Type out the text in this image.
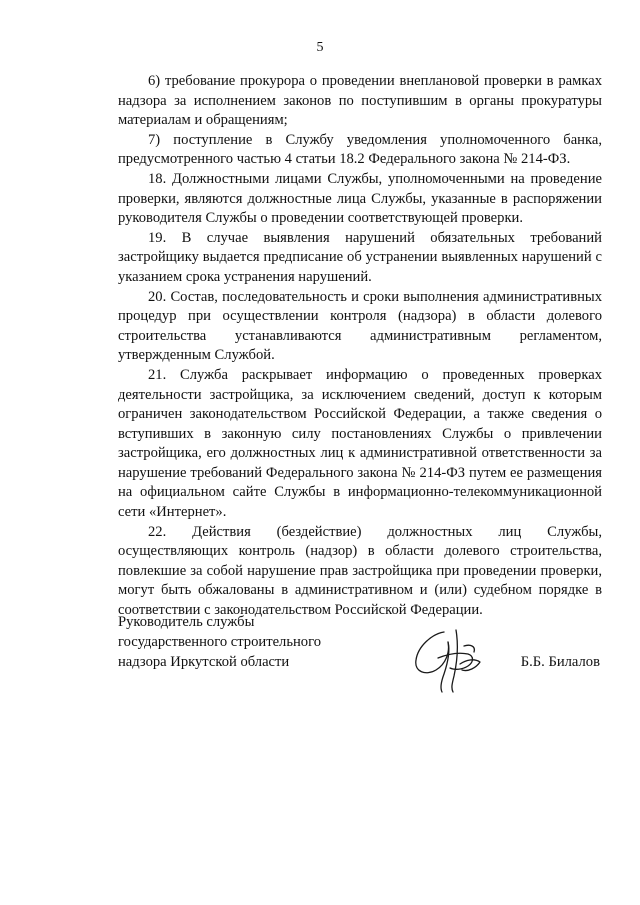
5

6) требование прокурора о проведении внеплановой проверки в рамках надзора за исполнением законов по поступившим в органы прокуратуры материалам и обращениям;

7) поступление в Службу уведомления уполномоченного банка, предусмотренного частью 4 статьи 18.2 Федерального закона № 214-ФЗ.

18. Должностными лицами Службы, уполномоченными на проведение проверки, являются должностные лица Службы, указанные в распоряжении руководителя Службы о проведении соответствующей проверки.

19. В случае выявления нарушений обязательных требований застройщику выдается предписание об устранении выявленных нарушений с указанием срока устранения нарушений.

20. Состав, последовательность и сроки выполнения административных процедур при осуществлении контроля (надзора) в области долевого строительства устанавливаются административным регламентом, утвержденным Службой.

21. Служба раскрывает информацию о проведенных проверках деятельности застройщика, за исключением сведений, доступ к которым ограничен законодательством Российской Федерации, а также сведения о вступивших в законную силу постановлениях Службы о привлечении застройщика, его должностных лиц к административной ответственности за нарушение требований Федерального закона № 214-ФЗ путем ее размещения на официальном сайте Службы в информационно-телекоммуникационной сети «Интернет».

22. Действия (бездействие) должностных лиц Службы, осуществляющих контроль (надзор) в области долевого строительства, повлекшие за собой нарушение прав застройщика при проведении проверки, могут быть обжалованы в административном и (или) судебном порядке в соответствии с законодательством Российской Федерации.

Руководитель службы
государственного строительного
надзора Иркутской области	Б.Б. Билалов
